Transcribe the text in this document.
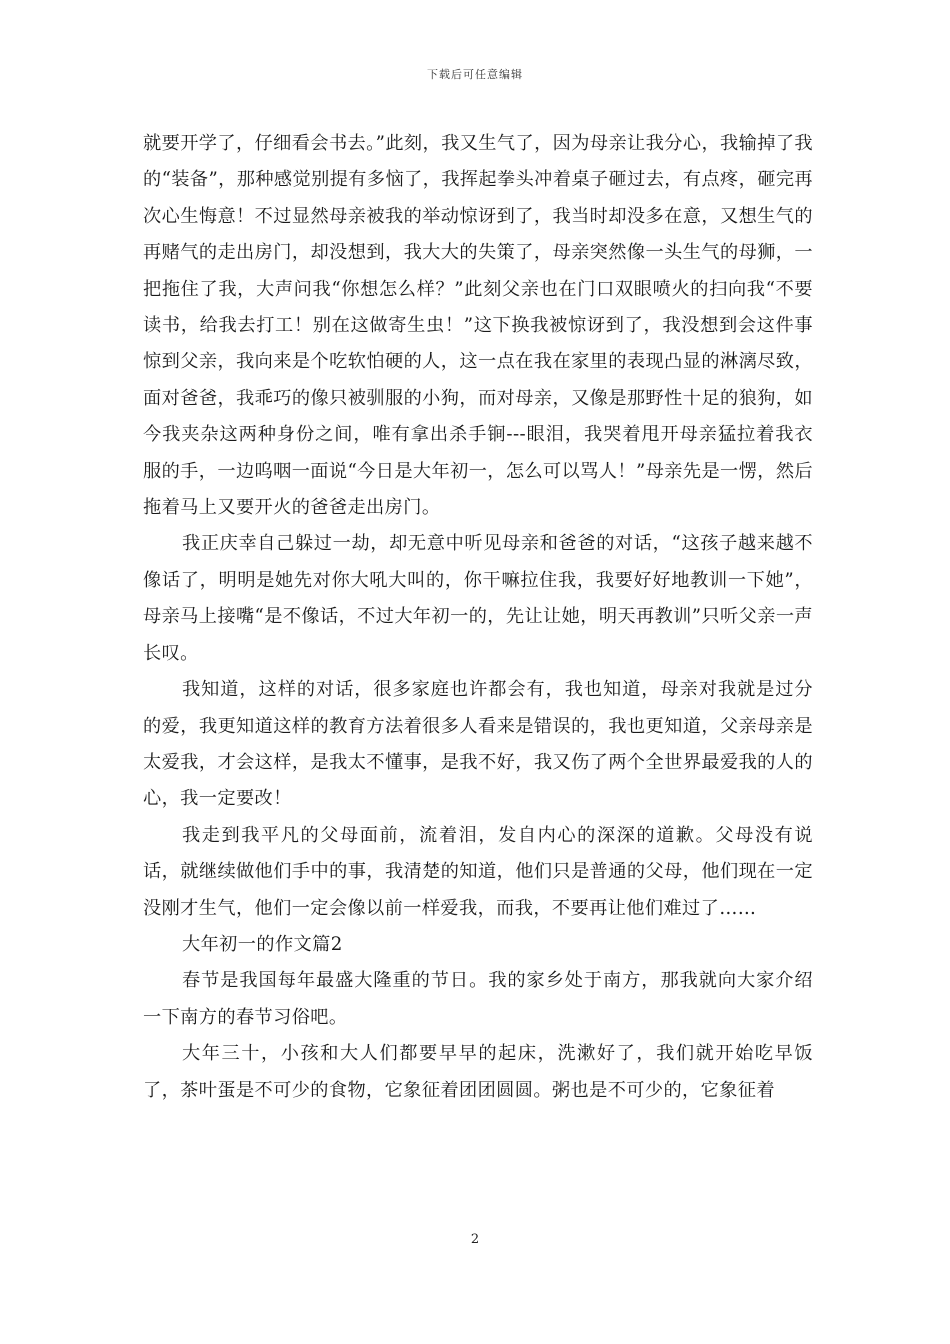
下载后可任意编辑

就要开学了，仔细看会书去。”此刻，我又生气了，因为母亲让我分心，我输掉了我的“装备”，那种感觉别提有多恼了，我挥起拳头冲着桌子砸过去，有点疼，砸完再次心生悔意！不过显然母亲被我的举动惊讶到了，我当时却没多在意，又想生气的再赌气的走出房门，却没想到，我大大的失策了，母亲突然像一头生气的母狮，一把拖住了我，大声问我“你想怎么样？”此刻父亲也在门口双眼喷火的扫向我“不要读书，给我去打工！别在这做寄生虫！”这下换我被惊讶到了，我没想到会这件事惊到父亲，我向来是个吃软怕硬的人，这一点在我在家里的表现凸显的淋漓尽致，面对爸爸，我乖巧的像只被驯服的小狗，而对母亲，又像是那野性十足的狼狗，如今我夹杂这两种身份之间，唯有拿出杀手锏---眼泪，我哭着甩开母亲猛拉着我衣服的手，一边呜咽一面说“今日是大年初一，怎么可以骂人！”母亲先是一愣，然后拖着马上又要开火的爸爸走出房门。

我正庆幸自己躲过一劫，却无意中听见母亲和爸爸的对话，“这孩子越来越不像话了，明明是她先对你大吼大叫的，你干嘛拉住我，我要好好地教训一下她”，母亲马上接嘴“是不像话，不过大年初一的，先让让她，明天再教训”只听父亲一声长叹。

我知道，这样的对话，很多家庭也许都会有，我也知道，母亲对我就是过分的爱，我更知道这样的教育方法着很多人看来是错误的，我也更知道，父亲母亲是太爱我，才会这样，是我太不懂事，是我不好，我又伤了两个全世界最爱我的人的心，我一定要改！

我走到我平凡的父母面前，流着泪，发自内心的深深的道歉。父母没有说话，就继续做他们手中的事，我清楚的知道，他们只是普通的父母，他们现在一定没刚才生气，他们一定会像以前一样爱我，而我，不要再让他们难过了……

大年初一的作文篇2

春节是我国每年最盛大隆重的节日。我的家乡处于南方，那我就向大家介绍一下南方的春节习俗吧。

大年三十，小孩和大人们都要早早的起床，洗漱好了，我们就开始吃早饭了，茶叶蛋是不可少的食物，它象征着团团圆圆。粥也是不可少的，它象征着

2
